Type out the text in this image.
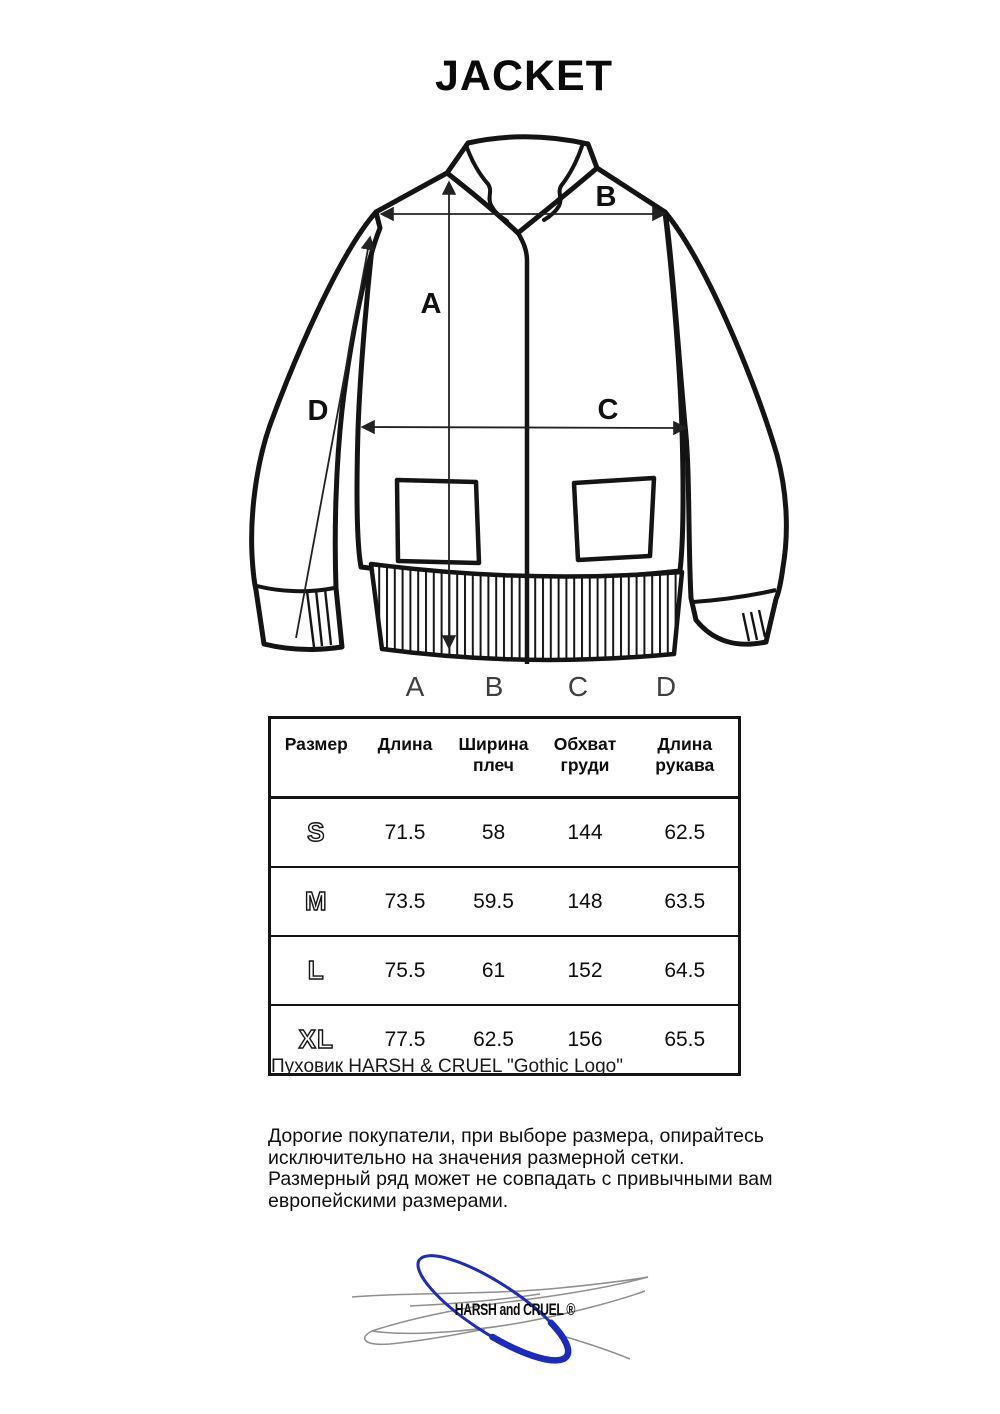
JACKET
A
B
C
D
A B C D
Размер	Длина	Ширина плеч	Обхват груди	Длина рукава
S	71.5	58	144	62.5
M	73.5	59.5	148	63.5
L	75.5	61	152	64.5
XL	77.5	62.5	156	65.5
Пуховик HARSH & CRUEL "Gothic Logo"
Дорогие покупатели, при выборе размера, опирайтесь
исключительно на значения размерной сетки.
Размерный ряд может не совпадать с привычными вам
европейскими размерами.
HARSH and CRUEL ®
